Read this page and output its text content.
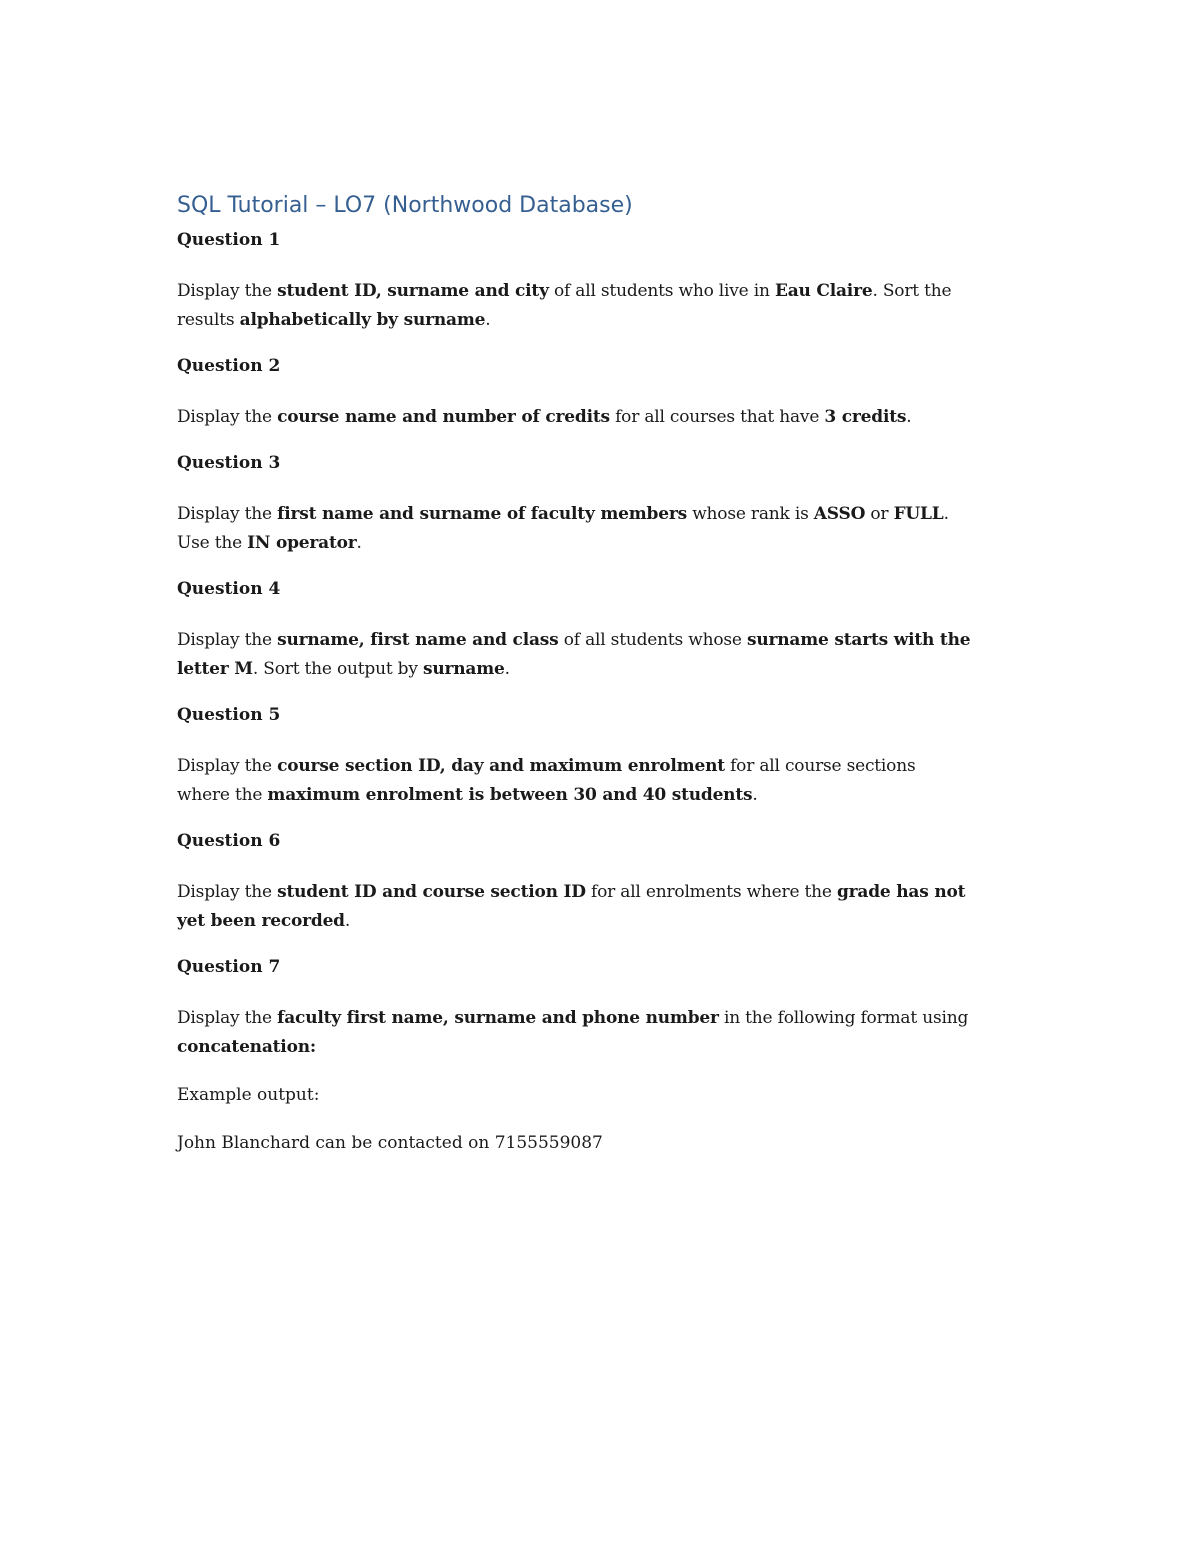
SQL Tutorial – LO7 (Northwood Database)

Question 1

Display the student ID, surname and city of all students who live in Eau Claire. Sort the
results alphabetically by surname.

Question 2

Display the course name and number of credits for all courses that have 3 credits.

Question 3

Display the first name and surname of faculty members whose rank is ASSO or FULL.
Use the IN operator.

Question 4

Display the surname, first name and class of all students whose surname starts with the
letter M. Sort the output by surname.

Question 5

Display the course section ID, day and maximum enrolment for all course sections
where the maximum enrolment is between 30 and 40 students.

Question 6

Display the student ID and course section ID for all enrolments where the grade has not
yet been recorded.

Question 7

Display the faculty first name, surname and phone number in the following format using
concatenation:

Example output:

John Blanchard can be contacted on 7155559087
